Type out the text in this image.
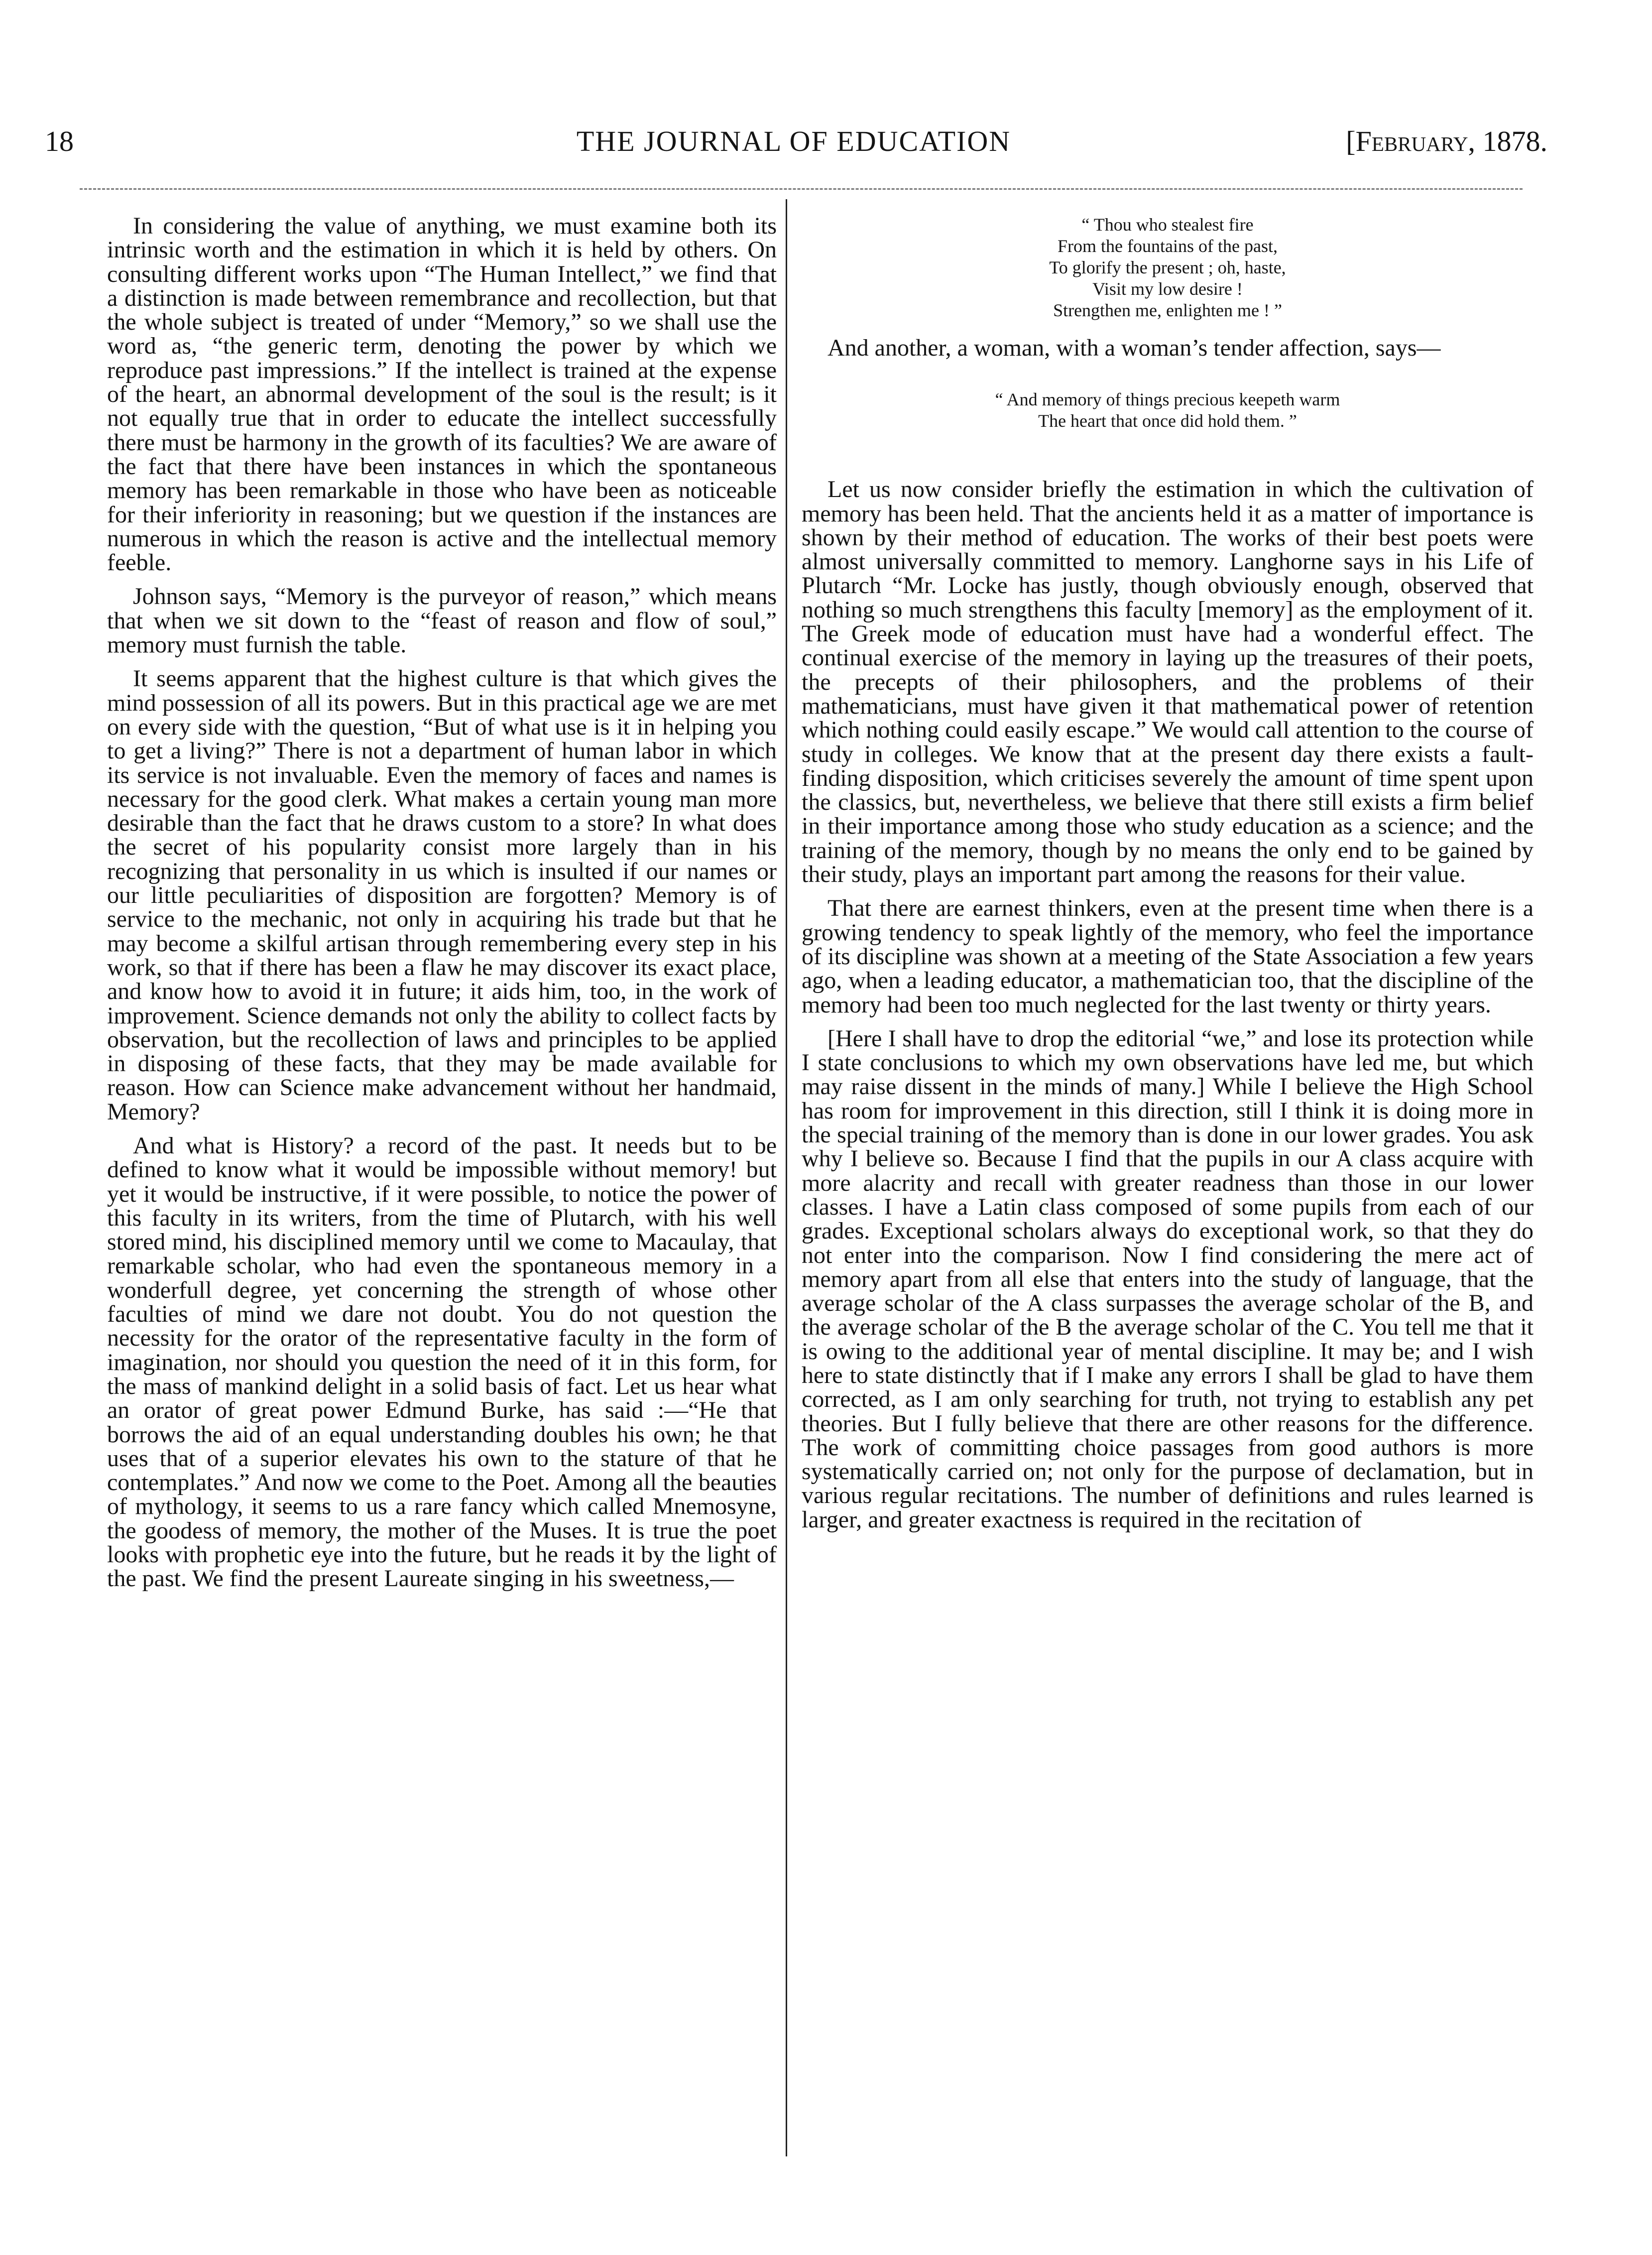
18	THE JOURNAL OF EDUCATION	[February, 1878.

In considering the value of anything, we must examine both its intrinsic worth and the estimation in which it is held by others. On consulting different works upon “The Human Intellect,” we find that a distinction is made between remembrance and recollection, but that the whole subject is treated of under “Memory,” so we shall use the word as, “the generic term, denoting the power by which we reproduce past impressions.” If the intellect is trained at the expense of the heart, an abnormal development of the soul is the result; is it not equally true that in order to educate the intellect successfully there must be harmony in the growth of its faculties? We are aware of the fact that there have been instances in which the spontaneous memory has been remarkable in those who have been as noticeable for their inferiority in reasoning; but we question if the instances are numerous in which the reason is active and the intellectual memory feeble.

Johnson says, “Memory is the purveyor of reason,” which means that when we sit down to the “feast of reason and flow of soul,” memory must furnish the table.

It seems apparent that the highest culture is that which gives the mind possession of all its powers. But in this practical age we are met on every side with the question, “But of what use is it in helping you to get a living?” There is not a department of human labor in which its service is not invaluable. Even the memory of faces and names is necessary for the good clerk. What makes a certain young man more desirable than the fact that he draws custom to a store? In what does the secret of his popularity consist more largely than in his recognizing that personality in us which is insulted if our names or our little peculiarities of disposition are forgotten? Memory is of service to the mechanic, not only in acquiring his trade but that he may become a skilful artisan through remembering every step in his work, so that if there has been a flaw he may discover its exact place, and know how to avoid it in future; it aids him, too, in the work of improvement. Science demands not only the ability to collect facts by observation, but the recollection of laws and principles to be applied in disposing of these facts, that they may be made available for reason. How can Science make advancement without her handmaid, Memory?

And what is History? a record of the past. It needs but to be defined to know what it would be impossible without memory! but yet it would be instructive, if it were possible, to notice the power of this faculty in its writers, from the time of Plutarch, with his well stored mind, his disciplined memory until we come to Macaulay, that remarkable scholar, who had even the spontaneous memory in a wonderfull degree, yet concerning the strength of whose other faculties of mind we dare not doubt. You do not question the necessity for the orator of the representative faculty in the form of imagination, nor should you question the need of it in this form, for the mass of mankind delight in a solid basis of fact. Let us hear what an orator of great power Edmund Burke, has said :—“He that borrows the aid of an equal understanding doubles his own; he that uses that of a superior elevates his own to the stature of that he contemplates.” And now we come to the Poet. Among all the beauties of mythology, it seems to us a rare fancy which called Mnemosyne, the goodess of memory, the mother of the Muses. It is true the poet looks with prophetic eye into the future, but he reads it by the light of the past. We find the present Laureate singing in his sweetness,—

“ Thou who stealest fire
From the fountains of the past,
To glorify the present ; oh, haste,
Visit my low desire !
Strengthen me, enlighten me ! ”

And another, a woman, with a woman’s tender affection, says—

“ And memory of things precious keepeth warm
The heart that once did hold them. ”

Let us now consider briefly the estimation in which the cultivation of memory has been held. That the ancients held it as a matter of importance is shown by their method of education. The works of their best poets were almost universally committed to memory. Langhorne says in his Life of Plutarch “Mr. Locke has justly, though obviously enough, observed that nothing so much strengthens this faculty [memory] as the employment of it. The Greek mode of education must have had a wonderful effect. The continual exercise of the memory in laying up the treasures of their poets, the precepts of their philosophers, and the problems of their mathematicians, must have given it that mathematical power of retention which nothing could easily escape.” We would call attention to the course of study in colleges. We know that at the present day there exists a fault-finding disposition, which criticises severely the amount of time spent upon the classics, but, nevertheless, we believe that there still exists a firm belief in their importance among those who study education as a science; and the training of the memory, though by no means the only end to be gained by their study, plays an important part among the reasons for their value.

That there are earnest thinkers, even at the present time when there is a growing tendency to speak lightly of the memory, who feel the importance of its discipline was shown at a meeting of the State Association a few years ago, when a leading educator, a mathematician too, that the discipline of the memory had been too much neglected for the last twenty or thirty years.

[Here I shall have to drop the editorial “we,” and lose its protection while I state conclusions to which my own observations have led me, but which may raise dissent in the minds of many.] While I believe the High School has room for improvement in this direction, still I think it is doing more in the special training of the memory than is done in our lower grades. You ask why I believe so. Because I find that the pupils in our A class acquire with more alacrity and recall with greater readness than those in our lower classes. I have a Latin class composed of some pupils from each of our grades. Exceptional scholars always do exceptional work, so that they do not enter into the comparison. Now I find considering the mere act of memory apart from all else that enters into the study of language, that the average scholar of the A class surpasses the average scholar of the B, and the average scholar of the B the average scholar of the C. You tell me that it is owing to the additional year of mental discipline. It may be; and I wish here to state distinctly that if I make any errors I shall be glad to have them corrected, as I am only searching for truth, not trying to establish any pet theories. But I fully believe that there are other reasons for the difference. The work of committing choice passages from good authors is more systematically carried on; not only for the purpose of declamation, but in various regular recitations. The number of definitions and rules learned is larger, and greater exactness is required in the recitation of
